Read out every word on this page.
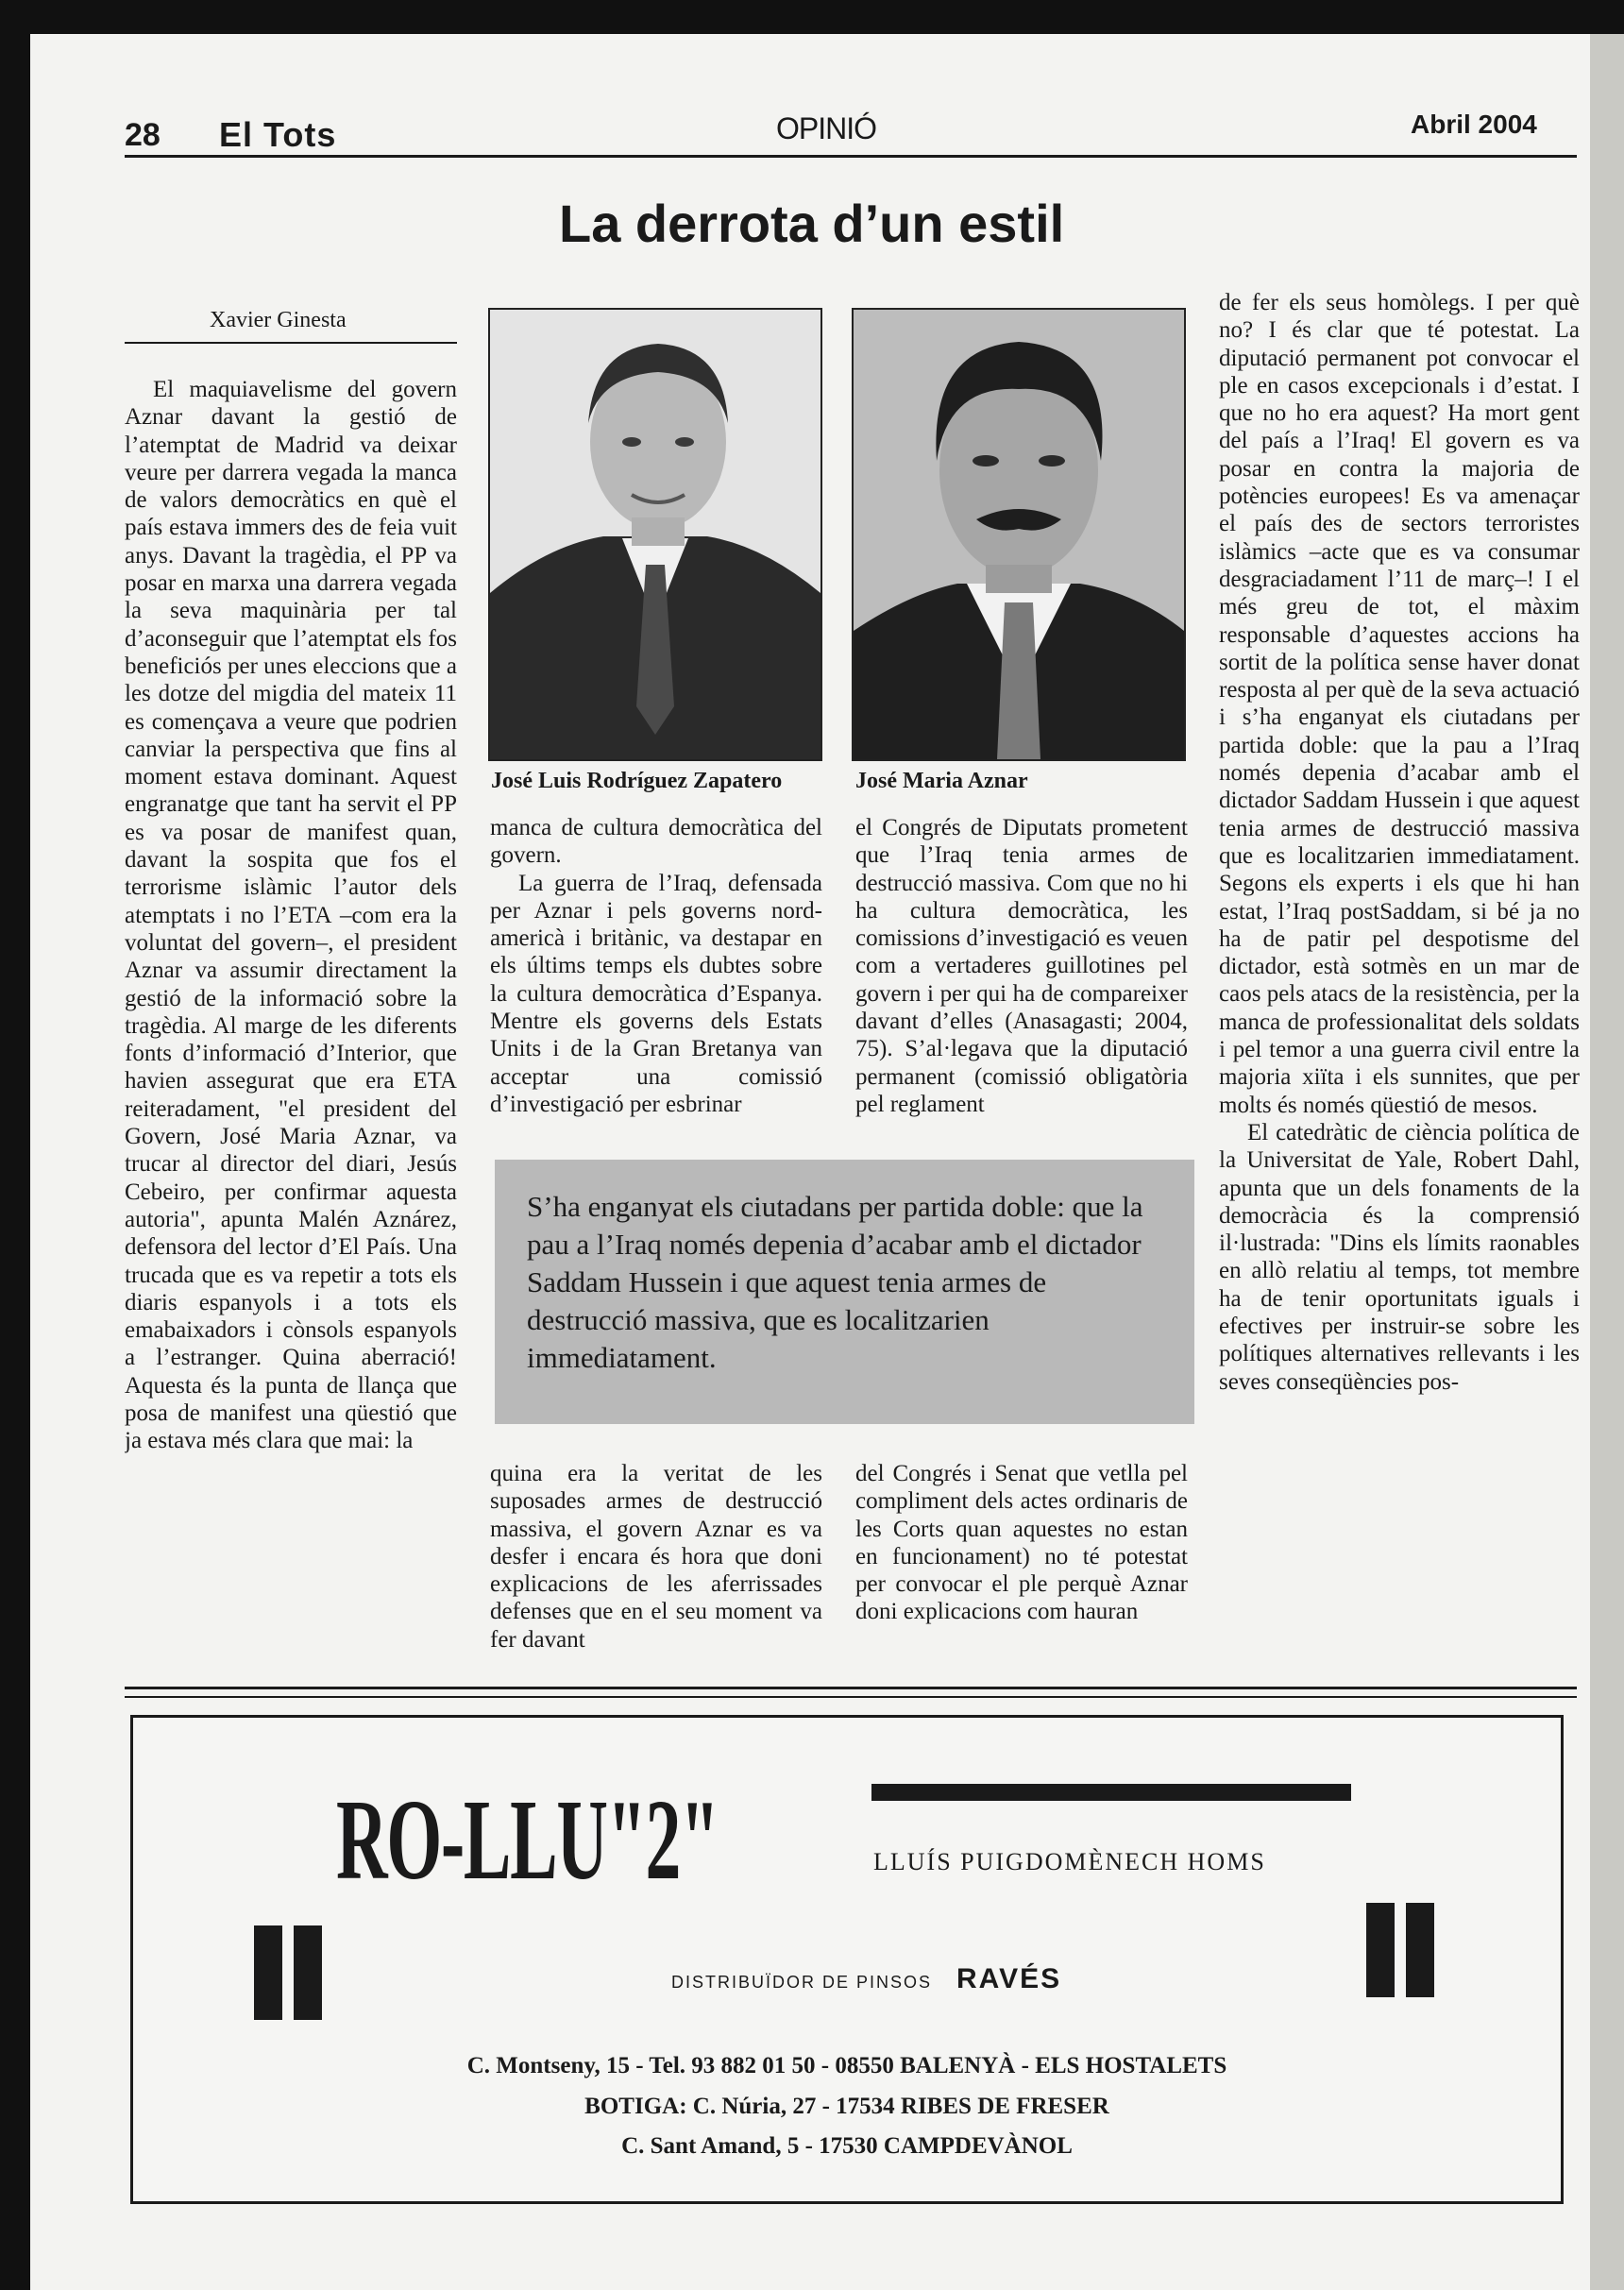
28 El Tots	OPINIÓ	Abril 2004
La derrota d’un estil
Xavier Ginesta

El maquiavelisme del govern Aznar davant la gestió de l’atemptat de Madrid va deixar veure per darrera vegada la manca de valors democràtics en què el país estava immers des de feia vuit anys. Davant la tragèdia, el PP va posar en marxa una darrera vegada la seva maquinària per tal d’aconseguir que l’atemptat els fos beneficiós per unes eleccions que a les dotze del migdia del mateix 11 es començava a veure que podrien canviar la perspectiva que fins al moment estava dominant. Aquest engranatge que tant ha servit el PP es va posar de manifest quan, davant la sospita que fos el terrorisme islàmic l’autor dels atemptats i no l’ETA –com era la voluntat del govern–, el president Aznar va assumir directament la gestió de la informació sobre la tragèdia. Al marge de les diferents fonts d’informació d’Interior, que havien assegurat que era ETA reiteradament, "el president del Govern, José Maria Aznar, va trucar al director del diari, Jesús Cebeiro, per confirmar aquesta autoria", apunta Malén Aznárez, defensora del lector d’El País. Una trucada que es va repetir a tots els diaris espanyols i a tots els emabaixadors i cònsols espanyols a l’estranger. Quina aberració! Aquesta és la punta de llança que posa de manifest una qüestió que ja estava més clara que mai: la

José Luis Rodríguez Zapatero	José Maria Aznar

manca de cultura democràtica del govern.

La guerra de l’Iraq, defensada per Aznar i pels governs nord-americà i britànic, va destapar en els últims temps els dubtes sobre la cultura democràtica d’Espanya. Mentre els governs dels Estats Units i de la Gran Bretanya van acceptar una comissió d’investigació per esbrinar

el Congrés de Diputats prometent que l’Iraq tenia armes de destrucció massiva. Com que no hi ha cultura democràtica, les comissions d’investigació es veuen com a vertaderes guillotines pel govern i per qui ha de compareixer davant d’elles (Anasagasti; 2004, 75). S’al·legava que la diputació permanent (comissió obligatòria pel reglament

S’ha enganyat els ciutadans per partida doble: que la pau a l’Iraq només depenia d’acabar amb el dictador Saddam Hussein i que aquest tenia armes de destrucció massiva, que es localitzarien immediatament.

quina era la veritat de les suposades armes de destrucció massiva, el govern Aznar es va desfer i encara és hora que doni explicacions de les aferrissades defenses que en el seu moment va fer davant

del Congrés i Senat que vetlla pel compliment dels actes ordinaris de les Corts quan aquestes no estan en funcionament) no té potestat per convocar el ple perquè Aznar doni explicacions com hauran

de fer els seus homòlegs. I per què no? I és clar que té potestat. La diputació permanent pot convocar el ple en casos excepcionals i d’estat. I que no ho era aquest? Ha mort gent del país a l’Iraq! El govern es va posar en contra la majoria de potències europees! Es va amenaçar el país des de sectors terroristes islàmics –acte que es va consumar desgraciadament l’11 de març–! I el més greu de tot, el màxim responsable d’aquestes accions ha sortit de la política sense haver donat resposta al per què de la seva actuació i s’ha enganyat els ciutadans per partida doble: que la pau a l’Iraq només depenia d’acabar amb el dictador Saddam Hussein i que aquest tenia armes de destrucció massiva que es localitzarien immediatament. Segons els experts i els que hi han estat, l’Iraq postSaddam, si bé ja no ha de patir pel despotisme del dictador, està sotmès en un mar de caos pels atacs de la resistència, per la manca de professionalitat dels soldats i pel temor a una guerra civil entre la majoria xiïta i els sunnites, que per molts és només qüestió de mesos.

El catedràtic de ciència política de la Universitat de Yale, Robert Dahl, apunta que un dels fonaments de la democràcia és la comprensió il·lustrada: "Dins els límits raonables en allò relatiu al temps, tot membre ha de tenir oportunitats iguals i efectives per instruir-se sobre les polítiques alternatives rellevants i les seves conseqüències pos-

RO-LLU"2"	LLUÍS PUIGDOMÈNECH HOMS
DISTRIBUÏDOR DE PINSOS RAVÉS
C. Montseny, 15 - Tel. 93 882 01 50 - 08550 BALENYÀ - ELS HOSTALETS
BOTIGA: C. Núria, 27 - 17534 RIBES DE FRESER
C. Sant Amand, 5 - 17530 CAMPDEVÀNOL
